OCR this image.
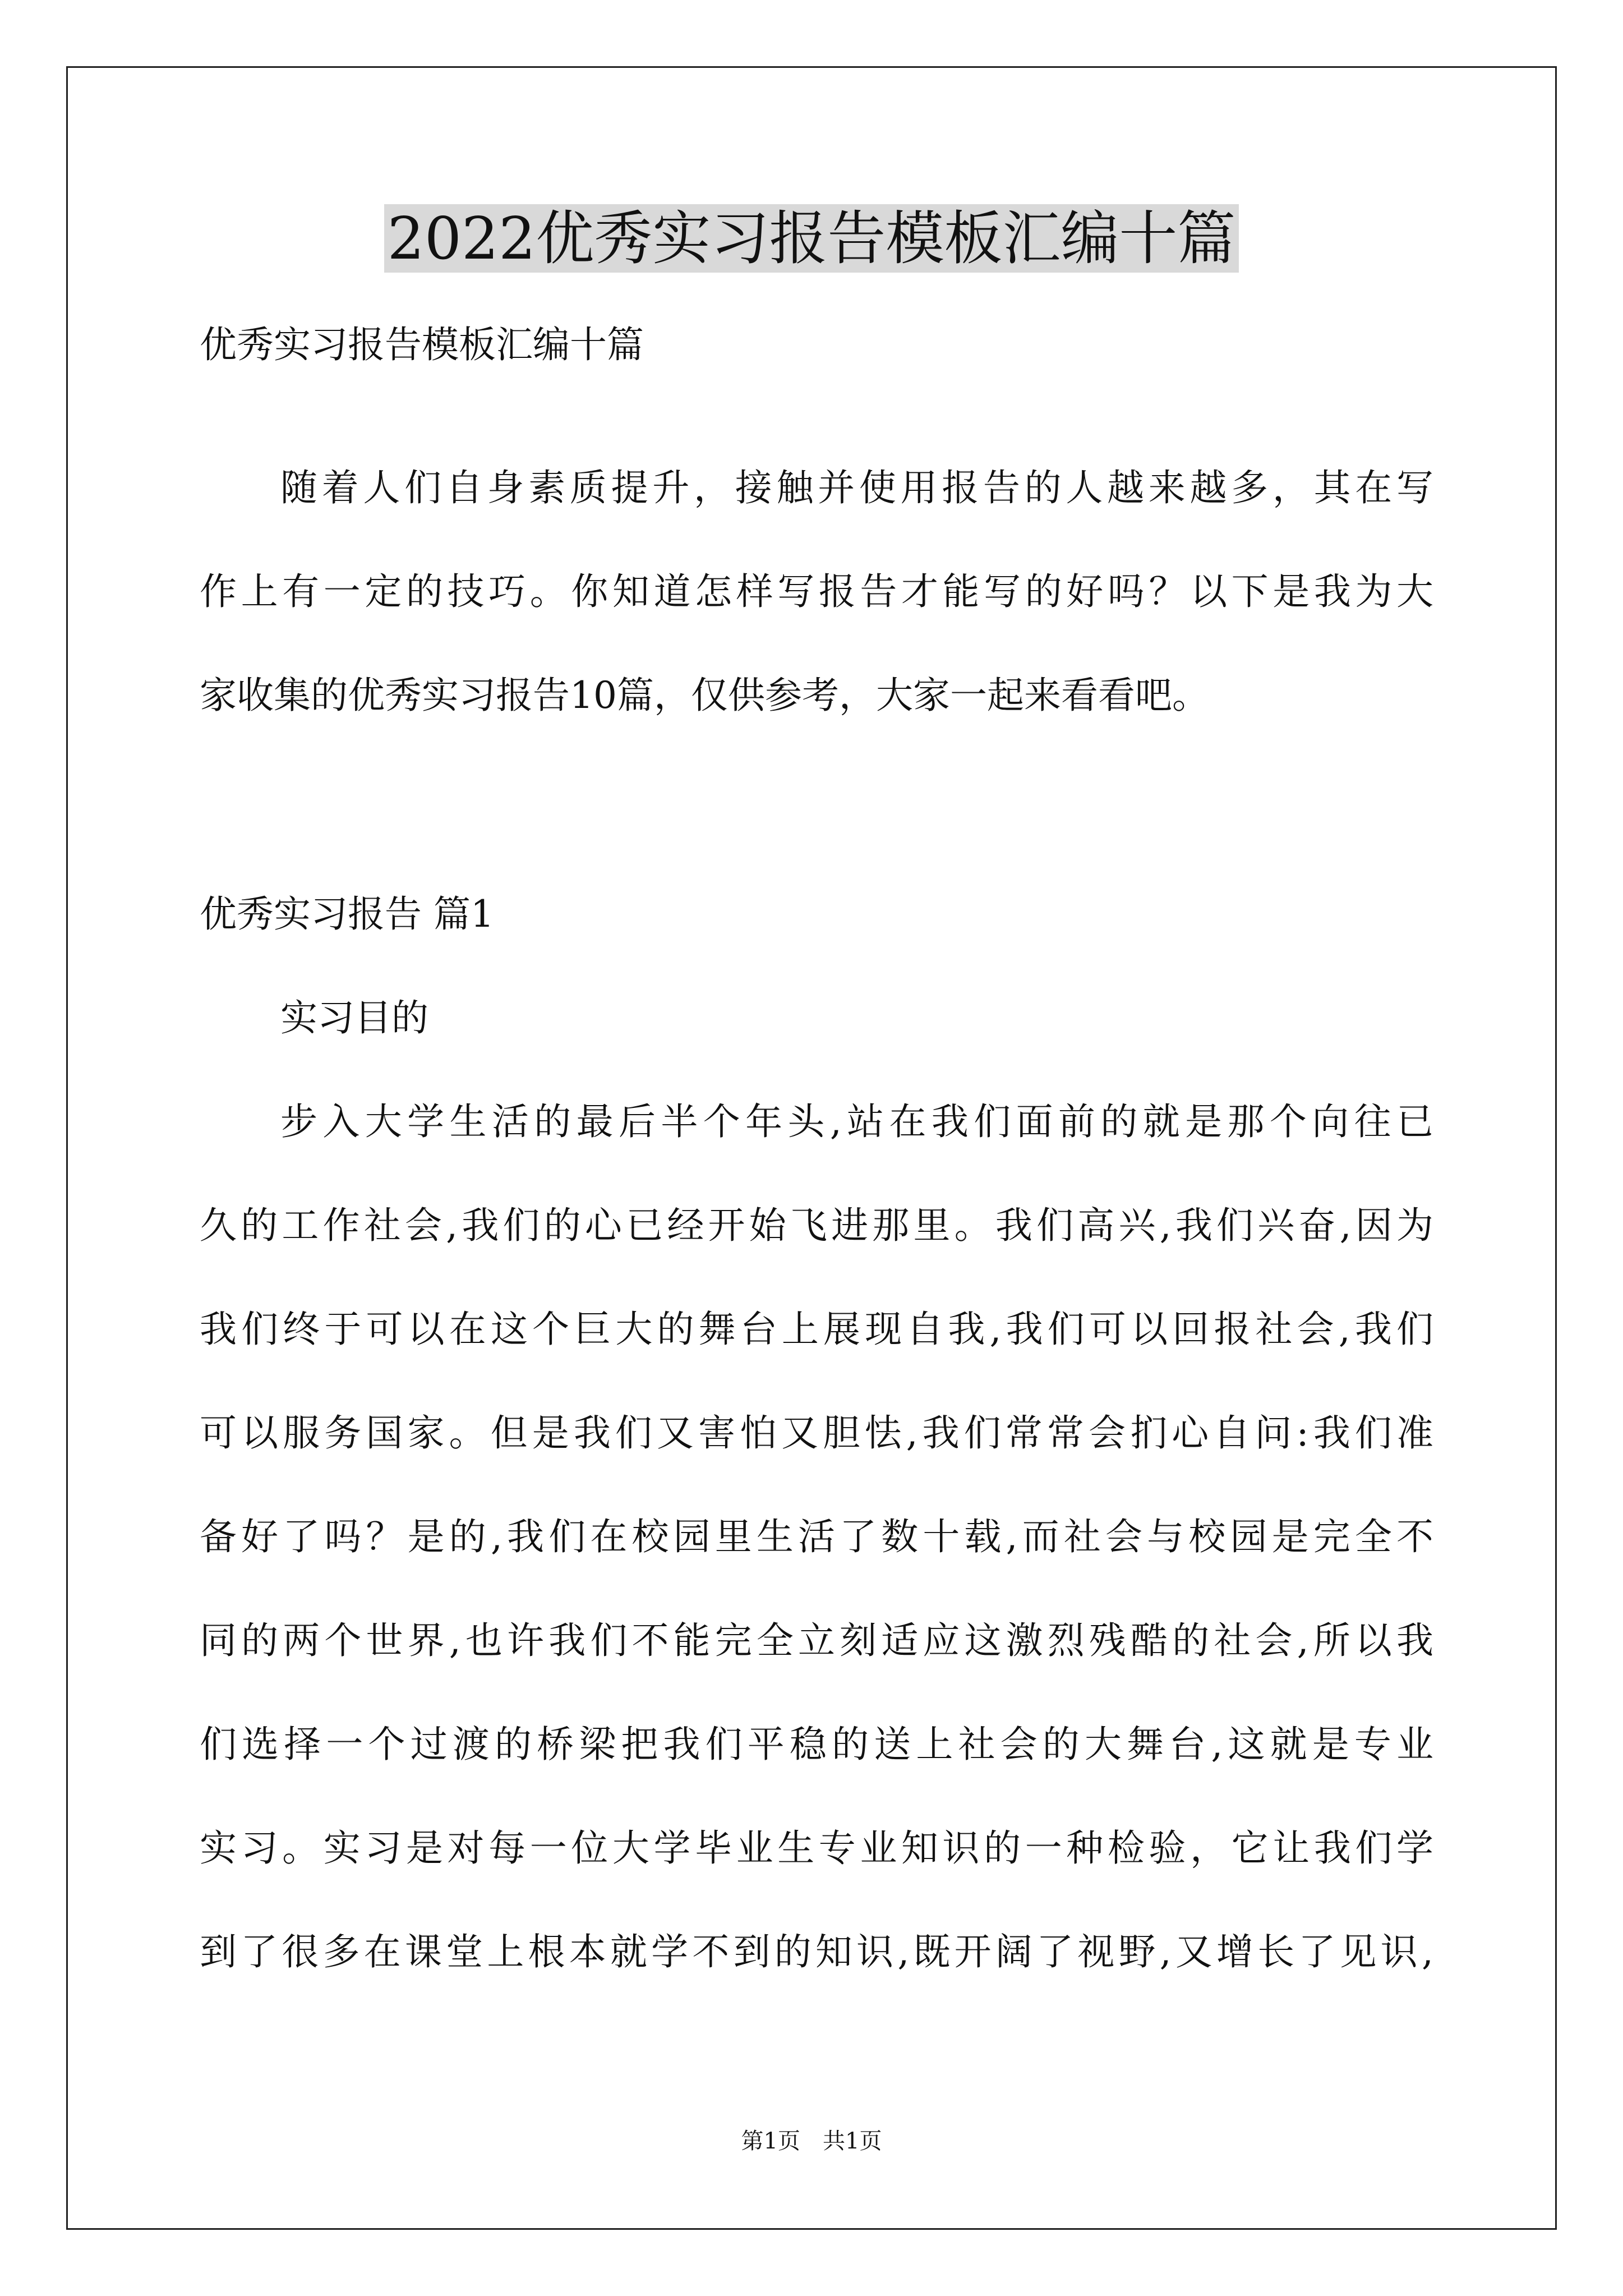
2022优秀实习报告模板汇编十篇
优秀实习报告模板汇编十篇
随着人们自身素质提升，接触并使用报告的人越来越多，其在写
作上有一定的技巧。你知道怎样写报告才能写的好吗？以下是我为大
家收集的优秀实习报告10篇，仅供参考，大家一起来看看吧。
优秀实习报告 篇1
实习目的
步入大学生活的最后半个年头,站在我们面前的就是那个向往已
久的工作社会,我们的心已经开始飞进那里。我们高兴,我们兴奋,因为
我们终于可以在这个巨大的舞台上展现自我,我们可以回报社会,我们
可以服务国家。但是我们又害怕又胆怯,我们常常会扪心自问:我们准
备好了吗？是的,我们在校园里生活了数十载,而社会与校园是完全不
同的两个世界,也许我们不能完全立刻适应这激烈残酷的社会,所以我
们选择一个过渡的桥梁把我们平稳的送上社会的大舞台,这就是专业
实习。实习是对每一位大学毕业生专业知识的一种检验，它让我们学
到了很多在课堂上根本就学不到的知识,既开阔了视野,又增长了见识,
第1页　共1页
